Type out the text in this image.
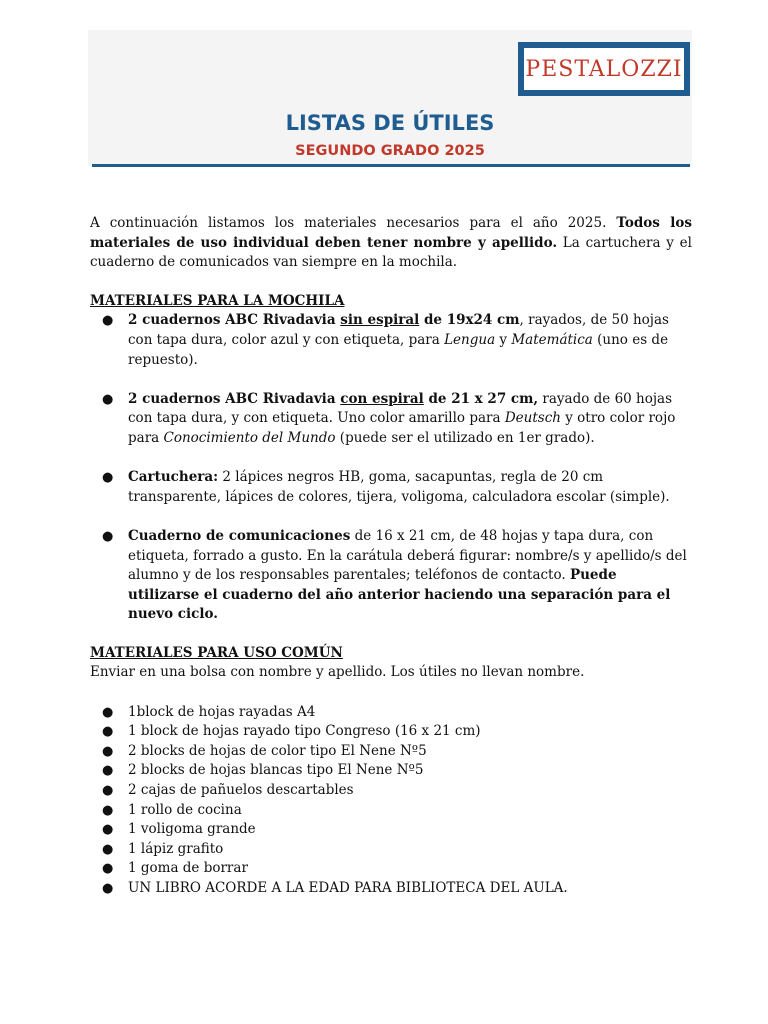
PESTALOZZI
LISTAS DE ÚTILES
SEGUNDO GRADO 2025

A continuación listamos los materiales necesarios para el año 2025. Todos los materiales de uso individual deben tener nombre y apellido. La cartuchera y el cuaderno de comunicados van siempre en la mochila.

MATERIALES PARA LA MOCHILA

● 2 cuadernos ABC Rivadavia sin espiral de 19x24 cm, rayados, de 50 hojas con tapa dura, color azul y con etiqueta, para Lengua y Matemática (uno es de repuesto).
● 2 cuadernos ABC Rivadavia con espiral de 21 x 27 cm, rayado de 60 hojas con tapa dura, y con etiqueta. Uno color amarillo para Deutsch y otro color rojo para Conocimiento del Mundo (puede ser el utilizado en 1er grado).
● Cartuchera: 2 lápices negros HB, goma, sacapuntas, regla de 20 cm transparente, lápices de colores, tijera, voligoma, calculadora escolar (simple).
● Cuaderno de comunicaciones de 16 x 21 cm, de 48 hojas y tapa dura, con etiqueta, forrado a gusto. En la carátula deberá figurar: nombre/s y apellido/s del alumno y de los responsables parentales; teléfonos de contacto. Puede utilizarse el cuaderno del año anterior haciendo una separación para el nuevo ciclo.

MATERIALES PARA USO COMÚN

Enviar en una bolsa con nombre y apellido. Los útiles no llevan nombre.

● 1block de hojas rayadas A4
● 1 block de hojas rayado tipo Congreso (16 x 21 cm)
● 2 blocks de hojas de color tipo El Nene Nº5
● 2 blocks de hojas blancas tipo El Nene Nº5
● 2 cajas de pañuelos descartables
● 1 rollo de cocina
● 1 voligoma grande
● 1 lápiz grafito
● 1 goma de borrar
● UN LIBRO ACORDE A LA EDAD PARA BIBLIOTECA DEL AULA.
